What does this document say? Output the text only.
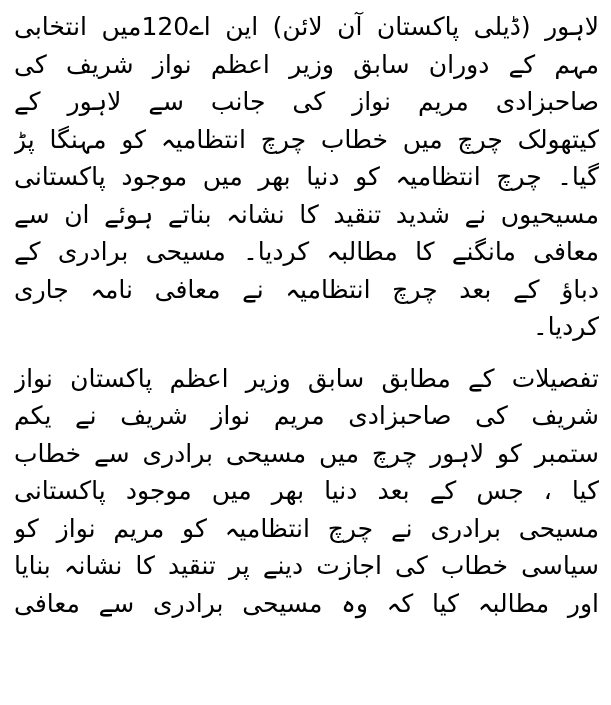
لاہور (ڈیلی پاکستان آن لائن) این اے120میں انتخابی
مہم کے دوران سابق وزیر اعظم نواز شریف کی
صاحبزادی مریم نواز کی جانب سے لاہور کے
کیتھولک چرچ میں خطاب چرچ انتظامیہ کو مہنگا پڑ
گیا۔ چرچ انتظامیہ کو دنیا بھر میں موجود پاکستانی
مسیحیوں نے شدید تنقید کا نشانہ بناتے ہوئے ان سے
معافی مانگنے کا مطالبہ کردیا۔ مسیحی برادری کے
دباؤ کے بعد چرچ انتظامیہ نے معافی نامہ جاری
کردیا۔
تفصیلات کے مطابق سابق وزیر اعظم پاکستان نواز
شریف کی صاحبزادی مریم نواز شریف نے یکم
ستمبر کو لاہور چرچ میں مسیحی برادری سے خطاب
کیا ، جس کے بعد دنیا بھر میں موجود پاکستانی
مسیحی برادری نے چرچ انتظامیہ کو مریم نواز کو
سیاسی خطاب کی اجازت دینے پر تنقید کا نشانہ بنایا
اور مطالبہ کیا کہ وہ مسیحی برادری سے معافی
